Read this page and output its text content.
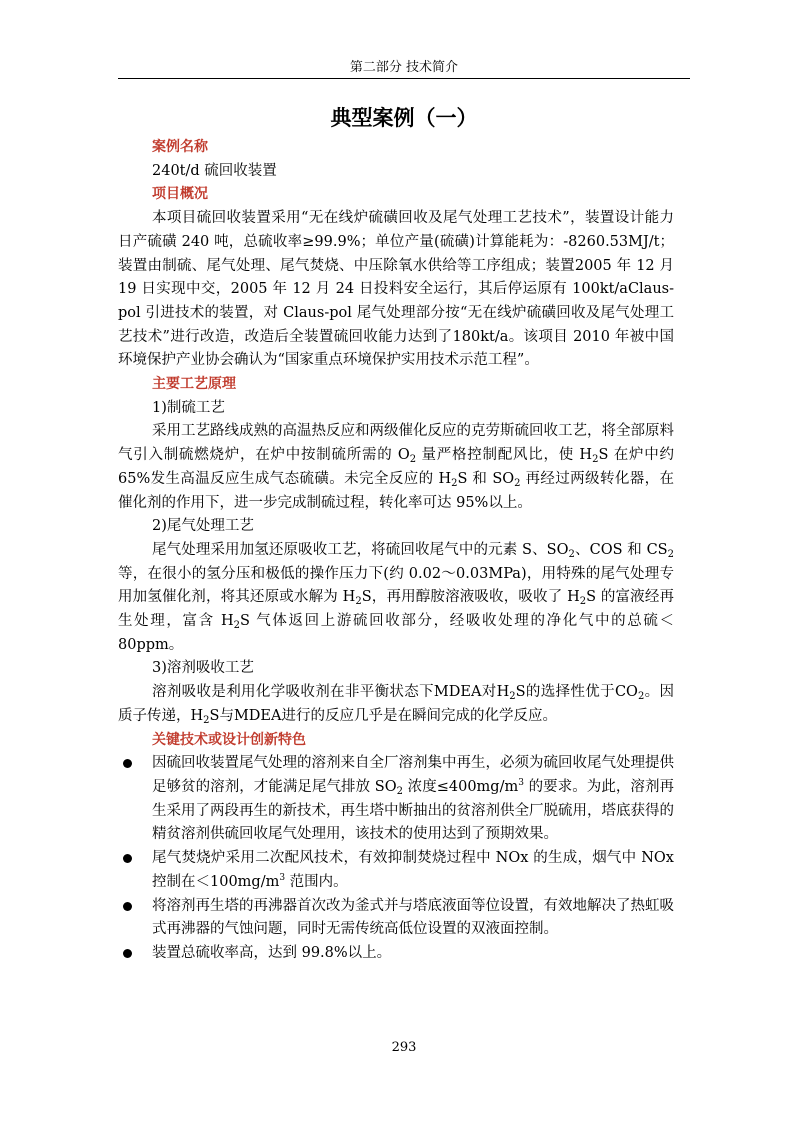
第二部分 技术简介
典型案例（一）

案例名称

240t/d 硫回收装置

项目概况

本项目硫回收装置采用“无在线炉硫磺回收及尾气处理工艺技术”，装置设计能力日产硫磺 240 吨，总硫收率≥99.9%；单位产量(硫磺)计算能耗为：-8260.53MJ/t；装置由制硫、尾气处理、尾气焚烧、中压除氧水供给等工序组成；装置2005 年 12 月 19 日实现中交，2005 年 12 月 24 日投料安全运行，其后停运原有 100kt/aClaus-pol 引进技术的装置，对 Claus-pol 尾气处理部分按“无在线炉硫磺回收及尾气处理工艺技术”进行改造，改造后全装置硫回收能力达到了180kt/a。该项目 2010 年被中国环境保护产业协会确认为“国家重点环境保护实用技术示范工程”。

主要工艺原理

1)制硫工艺

采用工艺路线成熟的高温热反应和两级催化反应的克劳斯硫回收工艺，将全部原料气引入制硫燃烧炉，在炉中按制硫所需的 $O_2$ 量严格控制配风比，使 $H_2S$ 在炉中约 65%发生高温反应生成气态硫磺。未完全反应的 $H_2S$ 和 $SO_2$ 再经过两级转化器，在催化剂的作用下，进一步完成制硫过程，转化率可达 95%以上。

2)尾气处理工艺

尾气处理采用加氢还原吸收工艺，将硫回收尾气中的元素 S、$SO_2$、COS 和 $CS_2$ 等，在很小的氢分压和极低的操作压力下(约 0.02～0.03MPa)，用特殊的尾气处理专用加氢催化剂，将其还原或水解为 $H_2S$，再用醇胺溶液吸收，吸收了 $H_2S$ 的富液经再生处理，富含 $H_2S$ 气体返回上游硫回收部分，经吸收处理的净化气中的总硫＜80ppm。

3)溶剂吸收工艺

溶剂吸收是利用化学吸收剂在非平衡状态下MDEA对$H_2S$的选择性优于$CO_2$。因质子传递，$H_2S$与MDEA进行的反应几乎是在瞬间完成的化学反应。

关键技术或设计创新特色

因硫回收装置尾气处理的溶剂来自全厂溶剂集中再生，必须为硫回收尾气处理提供足够贫的溶剂，才能满足尾气排放 $SO_2$ 浓度$\le 400mg/m^3$ 的要求。为此，溶剂再生采用了两段再生的新技术，再生塔中断抽出的贫溶剂供全厂脱硫用，塔底获得的精贫溶剂供硫回收尾气处理用，该技术的使用达到了预期效果。
尾气焚烧炉采用二次配风技术，有效抑制焚烧过程中 NOx 的生成，烟气中 NOx 控制在$<100mg/m^3$ 范围内。
将溶剂再生塔的再沸器首次改为釜式并与塔底液面等位设置，有效地解决了热虹吸式再沸器的气蚀问题，同时无需传统高低位设置的双液面控制。
装置总硫收率高，达到 99.8%以上。
293
